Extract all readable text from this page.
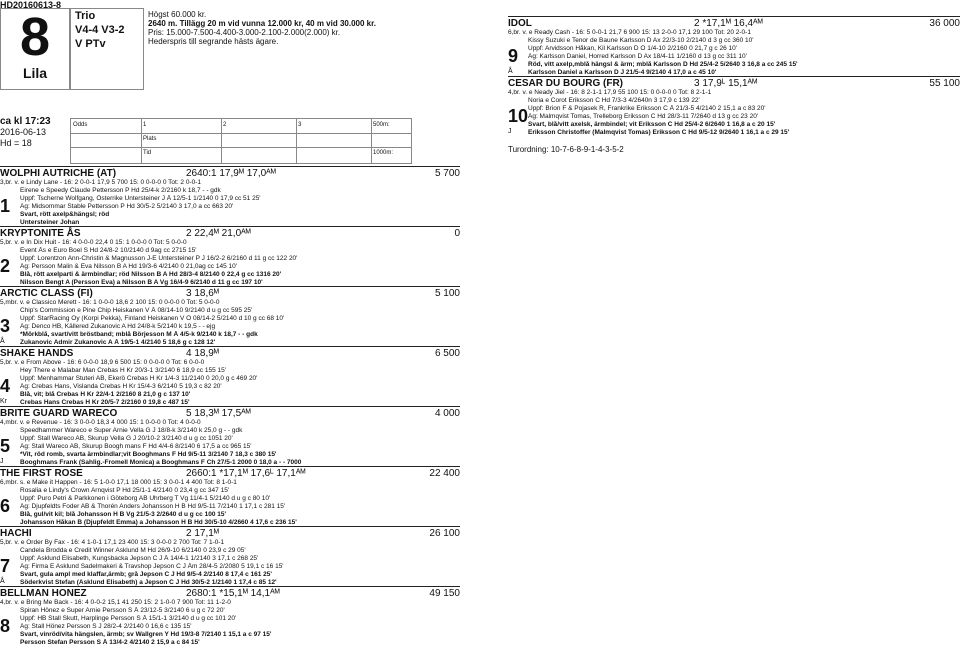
HD20160613-8
8
Lila
Trio
V4-4 V3-2
V PTv
Högst 60.000 kr.
2640 m. Tillägg 20 m vid vunna 12.000 kr, 40 m vid 30.000 kr.
Pris: 15.000-7.500-4.400-3.000-2.100-2.000(2.000) kr.
Hederspris till segrande hästs ägare.
ca kl 17:23
2016-06-13
Hd = 18
Odds	1	2	3	500m:
Plats
Tid	1000m:
WOLPHI AUTRICHE (AT)	2640:1 17,9ᴹ 17,0ᴬᴹ	5 700
1
3,br. v. e Lindy Lane - 16: 2 0-0-1 17,9 5 700 15: 0 0-0-0 0 Tot: 2 0-0-1
Eirene e Speedy Claude Pettersson P Hd 25/4-k 2/2160 k 18,7 - - gdk
Uppf: Tscherne Wolfgang, Österrike Untersteiner J Å 12/5-1 1/2140 0 17,9 cc 51 25'
Äg: Midsommar Stable Pettersson P Hd 30/5-2 5/2140 3 17,0 a cc 663 20'
Svart, rött axelp&hängsl; röd
Untersteiner Johan
KRYPTONITE ÅS	2 22,4ᴹ 21,0ᴬᴹ	0
2
5,br. v. e In Dix Huit - 16: 4 0-0-0 22,4 0 15: 1 0-0-0 0 Tot: 5 0-0-0
Event Ås e Euro Boel S Hd 24/8-2 10/2140 d 9ag cc 2715 15'
Uppf: Lorentzon Ann-Christin & Magnusson J-E Untersteiner P J 16/2-2 6/2160 d 11 g cc 122 20'
Äg: Persson Malin & Eva Nilsson B A Hd 19/3-6 4/2140 0 21,0ag cc 145 10'
Blå, rött axelparti & ärmbindlar; röd Nilsson B A Hd 28/3-4 8/2140 0 22,4 g cc 1316 20'
Nilsson Bengt A (Persson Eva) a Nilsson B A Vg 16/4-9 6/2140 d 11 g cc 197 10'
ARCTIC CLASS (FI)	3 18,6ᴹ	5 100
3
5,mbr. v. e Classico Merett - 16: 1 0-0-0 18,6 2 100 15: 0 0-0-0 0 Tot: 5 0-0-0
Chip's Commission e Pine Chip Heiskanen V Å 08/14-10 9/2140 d u g cc 595 25'
Uppf: StarRacing Oy (Korpi Pekka), Finland Heiskanen V Ö 08/14-2 5/2140 d 10 g cc 68 10'
Äg: Denco HB, Källered Zukanovic A Hd 24/8-k 5/2140 k 19,5 - - ejg
*Mörkblå, svart/vitt bröstband; mblå Börjesson M Å 4/5-k 9/2140 k 18,7 - - gdk
Zukanovic Admir Zukanovic A Å 19/5-1 4/2140 5 18,6 g c 128 12'
Å
SHAKE HANDS	4 18,9ᴹ	6 500
4
5,br. v. e From Above - 16: 6 0-0-0 18,9 6 500 15: 0 0-0-0 0 Tot: 6 0-0-0
Hey There e Malabar Man Crebas H Kr 20/3-1 3/2140 6 18,9 cc 155 15'
Uppf: Menhammar Stuteri AB, Ekerö Crebas H Kr 1/4-3 11/2140 0 20,0 g c 469 20'
Äg: Crebas Hans, Vislanda Crebas H Kr 15/4-3 6/2140 5 19,3 c 82 20'
Blå, vit; blå Crebas H Kr 22/4-1 2/2160 8 21,0 g c 137 10'
Crebas Hans Crebas H Kr 20/5-7 2/2160 0 19,8 c 487 15'
Kr
BRITE GUARD WARECO	5 18,3ᴹ 17,5ᴬᴹ	4 000
5
4,mbr. v. e Revenue - 16: 3 0-0-0 18,3 4 000 15: 1 0-0-0 0 Tot: 4 0-0-0
Speedhammer Wareco e Super Arnie Vella G J 18/8-k 3/2140 k 25,0 g - - gdk
Uppf: Stall Wareco AB, Skurup Vella G J 20/10-2 3/2140 d u g cc 1051 20'
Äg: Stall Wareco AB, Skurup Boogh mans F Hd 4/4-6 8/2140 6 17,5 a cc 965 15'
*Vit, röd romb, svarta ärmbindlar;vit Booghmans F Hd 9/5-11 3/2140 7 18,3 c 380 15'
Booghmans Frank (Sahlig.-Fromell Monica) a Booghmans F Ch 27/5-1 2000 0 18,0 a - - 7000
J
THE FIRST ROSE	2660:1 *17,1ᴹ 17,6ᴸ 17,1ᴬᴹ	22 400
6
6,mbr. s. e Make it Happen - 16: 5 1-0-0 17,1 18 000 15: 3 0-0-1 4 400 Tot: 8 1-0-1
Rosalia e Lindy's Crown Arnqvist P Hd 25/1-1 4/2140 0 23,4 g cc 347 15'
Uppf: Puro Petri & Parkkonen i Göteborg AB Uhrberg T Vg 11/4-1 5/2140 d u g c 80 10'
Äg: Djupfeldts Foder AB & Thorén Anders Johansson H B Hd 9/5-11 7/2140 1 17,1 c 281 15'
Blå, gul/vit kil; blå Johansson H B Vg 21/5-3 2/2640 d u g cc 100 15'
Johansson Håkan B (Djupfeldt Emma) a Johansson H B Hd 30/5-10 4/2660 4 17,6 c 236 15'
HACHI	2 17,1ᴹ	26 100
7
5,br. v. e Order By Fax - 16: 4 1-0-1 17,1 23 400 15: 3 0-0-0 2 700 Tot: 7 1-0-1
Candela Brodda e Credit Winner Asklund M Hd 26/9-10 6/2140 0 23,9 c 29 05'
Uppf: Asklund Elisabeth, Kungsbacka Jepson C J Å 14/4-1 1/2140 3 17,1 c 268 25'
Äg: Firma E Asklund Sadelmakeri & Travshop Jepson C J Åm 28/4-5 2/2080 5 19,1 c 16 15'
Svart, gula ampl med klaffar,ärmb; grå Jepson C J Hd 9/5-4 2/2140 8 17,4 c 161 25'
Söderkvist Stefan (Asklund Elisabeth) a Jepson C J Hd 30/5-2 1/2140 1 17,4 c 85 12'
Å
BELLMAN HONEZ	2680:1 *15,1ᴹ 14,1ᴬᴹ	49 150
8
4,br. v. e Bring Me Back - 16: 4 0-0-2 15,1 41 250 15: 2 1-0-0 7 900 Tot: 11 1-2-0
Spiran Hönez e Super Arnie Persson S Å 23/12-5 3/2140 6 u g c 72 20'
Uppf: HB Stall Skutt, Harplinge Persson S Å 15/1-1 3/2140 d u g cc 101 20'
Äg: Stall Hönez Persson S J 28/2-4 2/2140 0 16,6 c 135 15'
Svart, vinröd/vita hängslen, ärmb; sv Wallgren Y Hd 19/3-8 7/2140 1 15,1 a c 97 15'
Persson Stefan Persson S Å 13/4-2 4/2140 2 15,9 a c 84 15'
IDOL	2 *17,1ᴹ 16,4ᴬᴹ	36 000
9
6,br. v. e Ready Cash - 16: 5 0-0-1 21,7 6 900 15: 13 2-0-0 17,1 29 100 Tot: 20 2-0-1
Kissy Suzuki e Tenor de Baune Karlsson D Ax 22/3-10 2/2140 d 3 g cc 360 10'
Uppf: Arvidsson Håkan, Kil Karlsson D Ö 1/4-10 2/2160 0 21,7 g c 26 10'
Äg: Karlsson Daniel, Horred Karlsson D Ax 18/4-11 1/2160 d 13 g cc 311 10'
Röd, vitt axelp,mblå hängsl & ärm; mblå Karlsson D Hd 25/4-2 5/2640 3 16,8 a cc 245 15'
Karlsson Daniel a Karlsson D J 21/5-4 9/2140 4 17,0 a c 45 10'
Å
CESAR DU BOURG (FR)	3 17,9ᴸ 15,1ᴬᴹ	55 100
10
4,br. v. e Neady Jiel - 16: 8 2-1-1 17,9 55 100 15: 0 0-0-0 0 Tot: 8 2-1-1
Noria e Corot Eriksson C Hd 7/3-3 4/2640n 3 17,9 c 139 22'
Uppf: Brion F & Pojasek R, Frankrike Eriksson C Å 21/3-5 4/2140 2 15,1 a c 83 20'
Äg: Malmqvist Tomas, Trelleborg Eriksson C Hd 28/3-11 7/2640 d 13 g cc 23 20'
Svart, blå/vitt axelsk, ärmbindel; vit Eriksson C Hd 25/4-2 6/2640 1 16,8 a c 20 15'
Eriksson Christoffer (Malmqvist Tomas) Eriksson C Hd 9/5-12 9/2640 1 16,1 a c 29 15'
J
Turordning: 10-7-6-8-9-1-4-3-5-2
